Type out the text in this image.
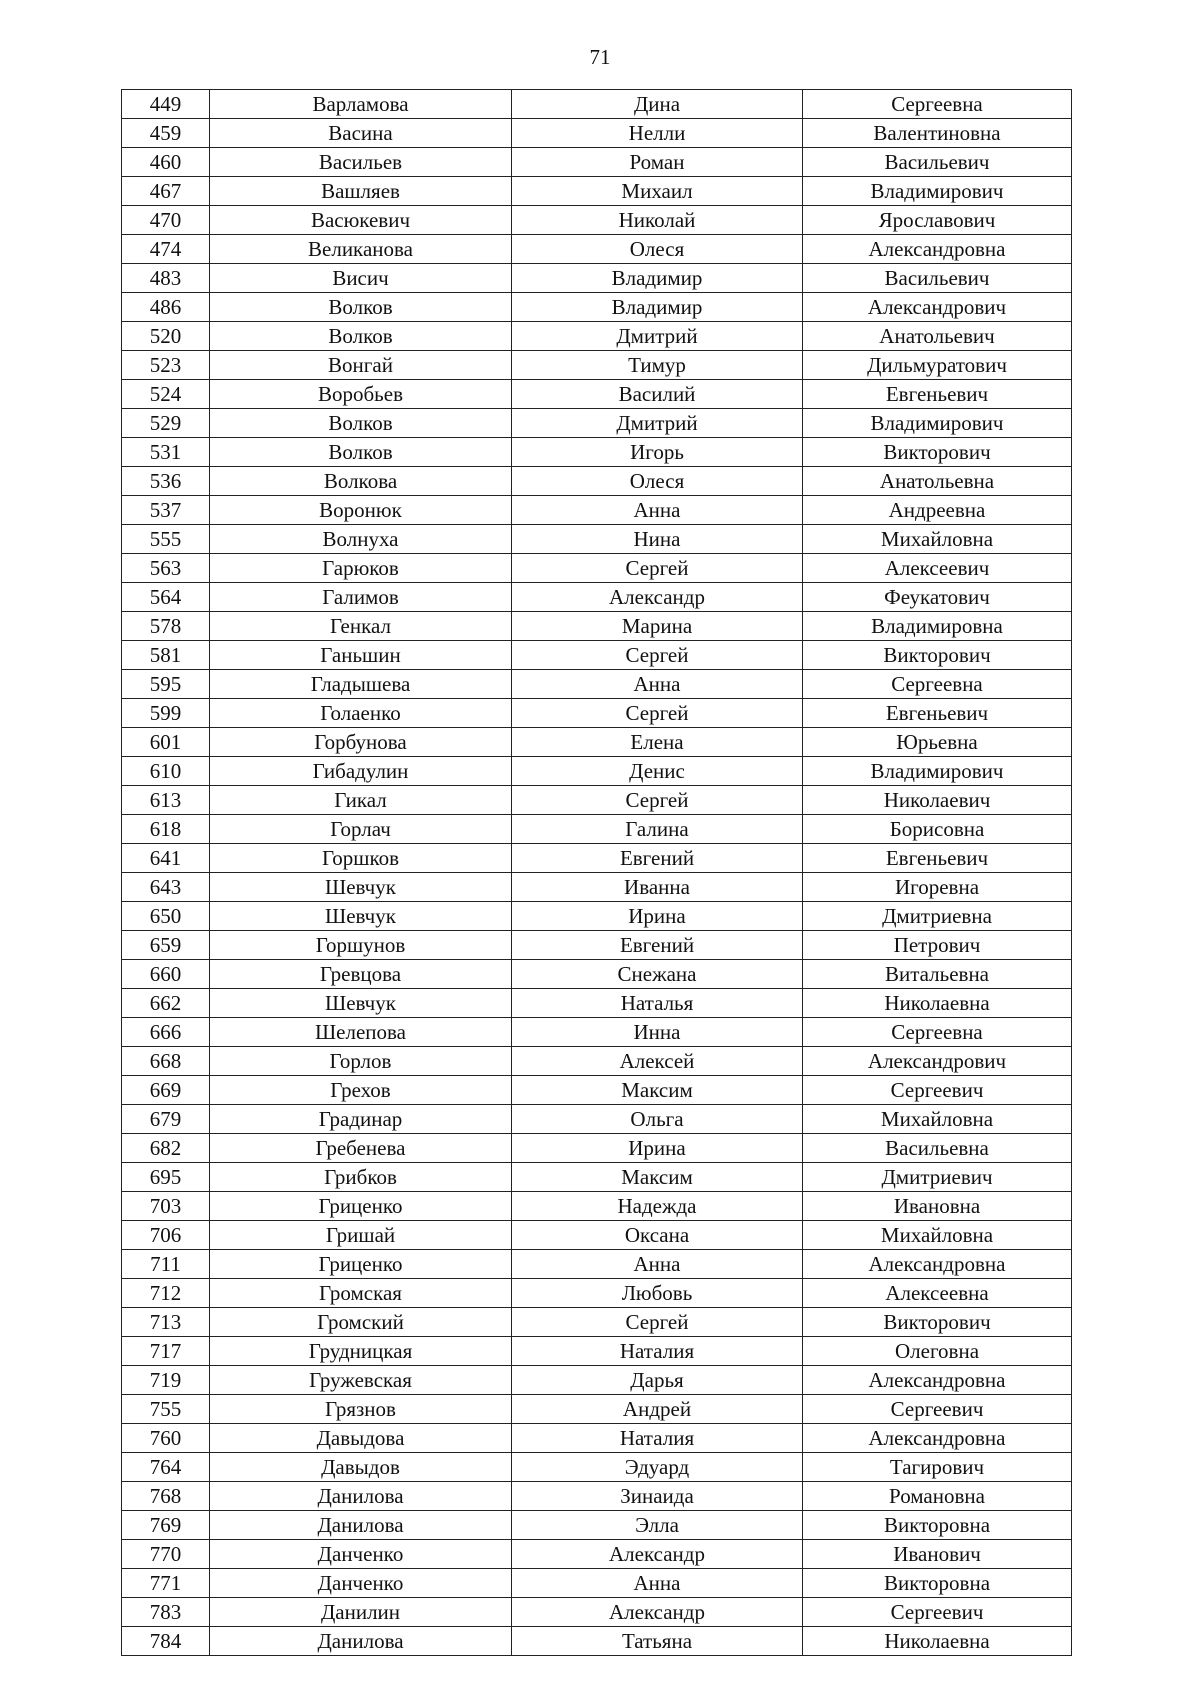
71
449	Варламова	Дина	Сергеевна
459	Васина	Нелли	Валентиновна
460	Васильев	Роман	Васильевич
467	Вашляев	Михаил	Владимирович
470	Васюкевич	Николай	Ярославович
474	Великанова	Олеся	Александровна
483	Висич	Владимир	Васильевич
486	Волков	Владимир	Александрович
520	Волков	Дмитрий	Анатольевич
523	Вонгай	Тимур	Дильмуратович
524	Воробьев	Василий	Евгеньевич
529	Волков	Дмитрий	Владимирович
531	Волков	Игорь	Викторович
536	Волкова	Олеся	Анатольевна
537	Воронюк	Анна	Андреевна
555	Волнуха	Нина	Михайловна
563	Гарюков	Сергей	Алексеевич
564	Галимов	Александр	Феукатович
578	Генкал	Марина	Владимировна
581	Ганьшин	Сергей	Викторович
595	Гладышева	Анна	Сергеевна
599	Голаенко	Сергей	Евгеньевич
601	Горбунова	Елена	Юрьевна
610	Гибадулин	Денис	Владимирович
613	Гикал	Сергей	Николаевич
618	Горлач	Галина	Борисовна
641	Горшков	Евгений	Евгеньевич
643	Шевчук	Иванна	Игоревна
650	Шевчук	Ирина	Дмитриевна
659	Горшунов	Евгений	Петрович
660	Гревцова	Снежана	Витальевна
662	Шевчук	Наталья	Николаевна
666	Шелепова	Инна	Сергеевна
668	Горлов	Алексей	Александрович
669	Грехов	Максим	Сергеевич
679	Градинар	Ольга	Михайловна
682	Гребенева	Ирина	Васильевна
695	Грибков	Максим	Дмитриевич
703	Гриценко	Надежда	Ивановна
706	Гришай	Оксана	Михайловна
711	Гриценко	Анна	Александровна
712	Громская	Любовь	Алексеевна
713	Громский	Сергей	Викторович
717	Грудницкая	Наталия	Олеговна
719	Гружевская	Дарья	Александровна
755	Грязнов	Андрей	Сергеевич
760	Давыдова	Наталия	Александровна
764	Давыдов	Эдуард	Тагирович
768	Данилова	Зинаида	Романовна
769	Данилова	Элла	Викторовна
770	Данченко	Александр	Иванович
771	Данченко	Анна	Викторовна
783	Данилин	Александр	Сергеевич
784	Данилова	Татьяна	Николаевна
